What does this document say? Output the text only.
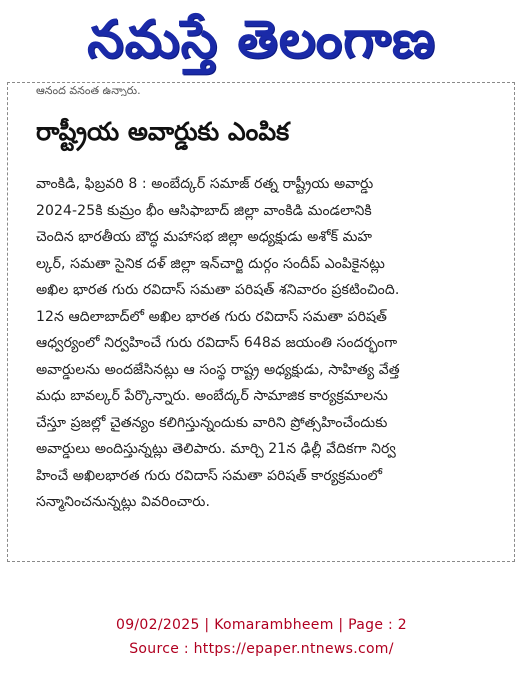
నమస్తే తెలంగాణ
ఆనంద వ‌నంత ఉన్నారు.
రాష్ట్రీయ అవార్డుకు ఎంపిక
వాంకిడి, ఫిబ్రవరి 8 : అంబేద్కర్ సమాజ్ రత్న రాష్ట్రీయ అవార్డు
2024-25కి కుమ్రం భీం ఆసిఫాబాద్ జిల్లా వాంకిడి మండలానికి
చెందిన భారతీయ బౌద్ధ మహాసభ జిల్లా అధ్యక్షుడు అశోక్ మహ
ల్కర్, సమతా సైనిక దళ్ జిల్లా ఇన్‌చార్జి దుర్గం సందీప్ ఎంపికైనట్లు
అఖిల భారత గురు రవిదాస్ సమతా పరిషత్ శనివారం ప్రకటించింది.
12న ఆదిలాబాద్‌లో అఖిల భారత గురు రవిదాస్ సమతా పరిషత్
ఆధ్వర్యంలో నిర్వహించే గురు రవిదాస్ 648వ జయంతి సందర్భంగా
అవార్డులను అందజేసినట్లు ఆ సంస్థ రాష్ట్ర అధ్యక్షుడు, సాహిత్య వేత్త
మధు బావల్కర్ పేర్కొన్నారు. అంబేద్కర్ సామాజిక కార్యక్రమాలను
చేస్తూ ప్రజల్లో చైతన్యం కలిగిస్తున్నందుకు వారిని ప్రోత్సహించేందుకు
అవార్డులు అందిస్తున్నట్లు తెలిపారు. మార్చి 21న ఢిల్లీ వేదికగా నిర్వ
హించే అఖిలభారత గురు రవిదాస్ సమతా పరిషత్ కార్యక్రమంలో
సన్మానించనున్నట్లు వివరించారు.
09/02/2025 | Komarambheem | Page : 2
Source : https://epaper.ntnews.com/
